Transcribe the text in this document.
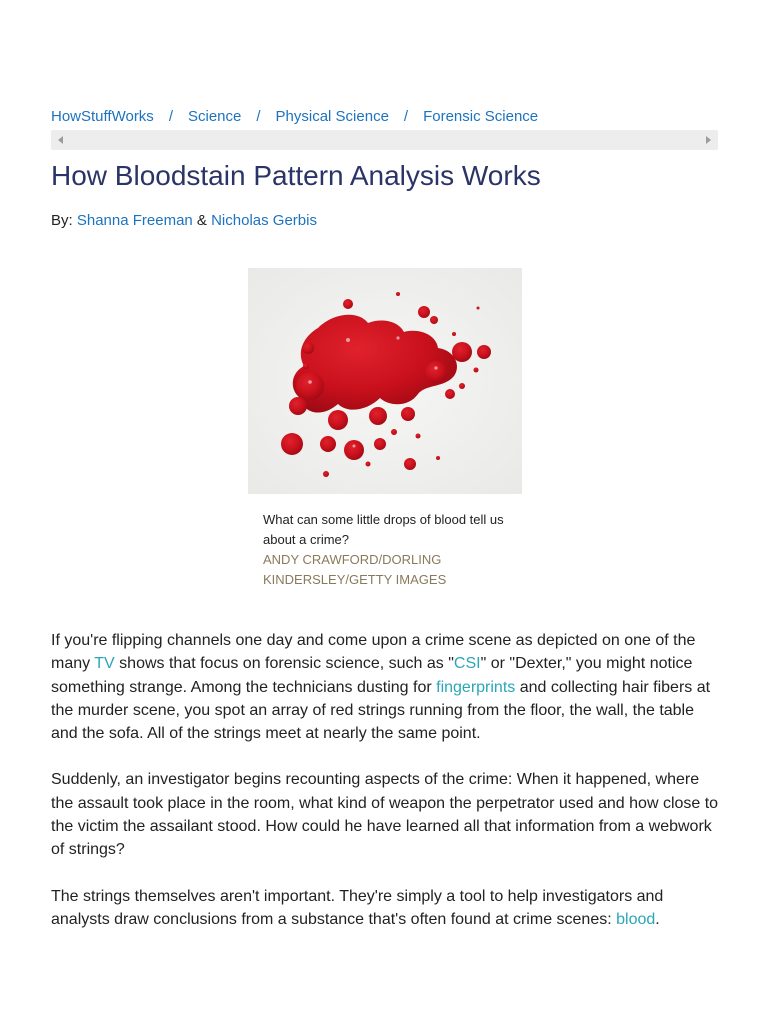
HowStuffWorks / Science / Physical Science / Forensic Science
How Bloodstain Pattern Analysis Works
By: Shanna Freeman & Nicholas Gerbis
What can some little drops of blood tell us about a crime?
ANDY CRAWFORD/DORLING KINDERSLEY/GETTY IMAGES

If you're flipping channels one day and come upon a crime scene as depicted on one of the many TV shows that focus on forensic science, such as "CSI" or "Dexter," you might notice something strange. Among the technicians dusting for fingerprints and collecting hair fibers at the murder scene, you spot an array of red strings running from the floor, the wall, the table and the sofa. All of the strings meet at nearly the same point.

Suddenly, an investigator begins recounting aspects of the crime: When it happened, where the assault took place in the room, what kind of weapon the perpetrator used and how close to the victim the assailant stood. How could he have learned all that information from a webwork of strings?

The strings themselves aren't important. They're simply a tool to help investigators and analysts draw conclusions from a substance that's often found at crime scenes: blood.
